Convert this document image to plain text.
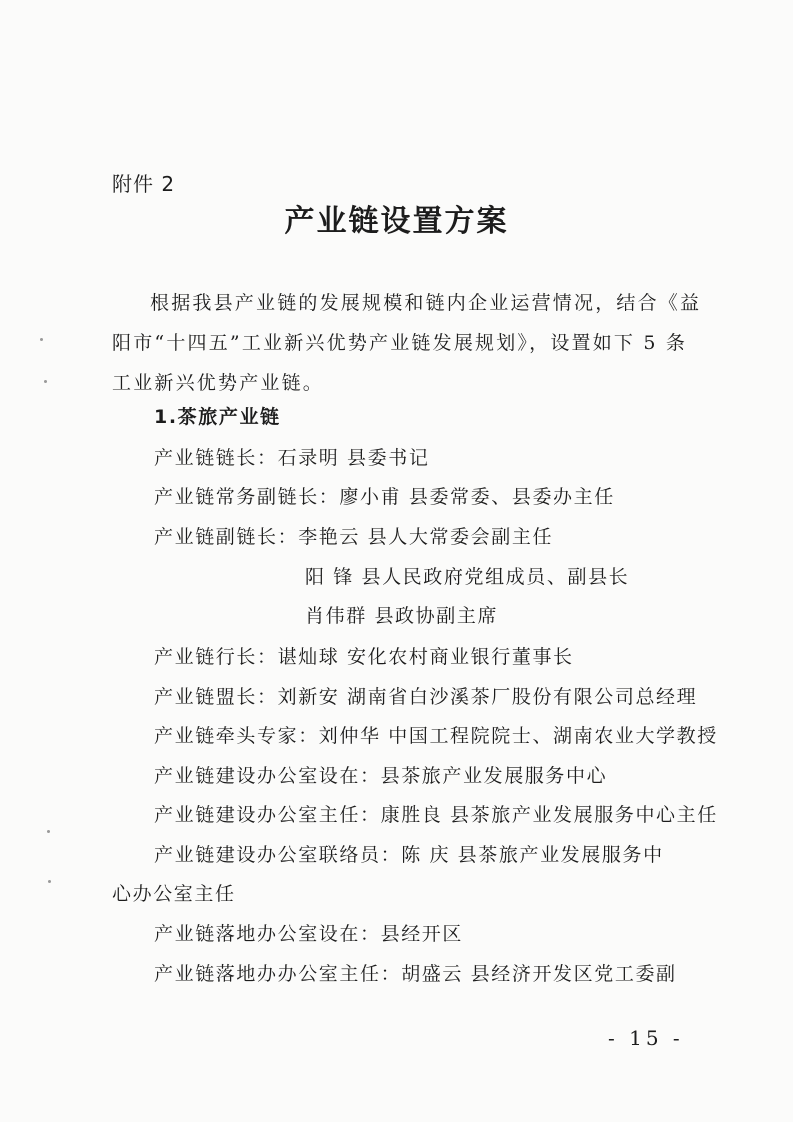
附件 2
产业链设置方案

根据我县产业链的发展规模和链内企业运营情况，结合《益阳市“十四五”工业新兴优势产业链发展规划》，设置如下 5 条工业新兴优势产业链。

1.茶旅产业链
产业链链长：石录明 县委书记
产业链常务副链长：廖小甫 县委常委、县委办主任
产业链副链长：李艳云 县人大常委会副主任
阳 锋 县人民政府党组成员、副县长
肖伟群 县政协副主席
产业链行长：谌灿球 安化农村商业银行董事长
产业链盟长：刘新安 湖南省白沙溪茶厂股份有限公司总经理
产业链牵头专家：刘仲华 中国工程院院士、湖南农业大学教授
产业链建设办公室设在：县茶旅产业发展服务中心
产业链建设办公室主任：康胜良 县茶旅产业发展服务中心主任
产业链建设办公室联络员：陈 庆 县茶旅产业发展服务中
心办公室主任
产业链落地办公室设在：县经开区
产业链落地办办公室主任：胡盛云 县经济开发区党工委副
- 15 -
